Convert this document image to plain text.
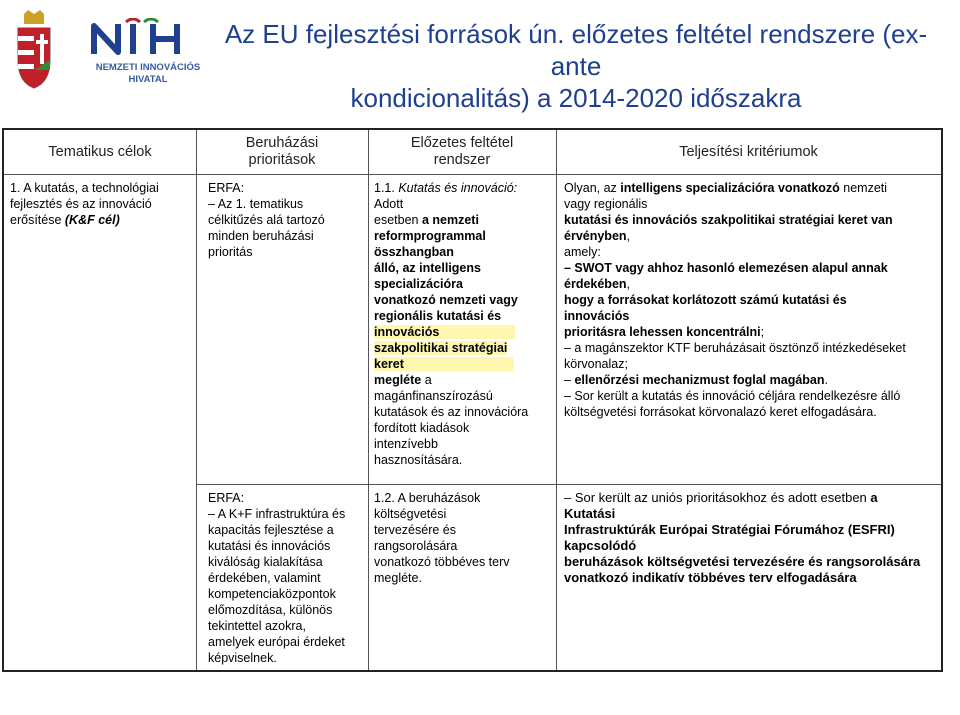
NEMZETI INNOVÁCIÓS
HIVATAL
Az EU fejlesztési források ún. előzetes feltétel rendszere (ex-ante
kondicionalitás) a 2014-2020 időszakra
Tematikus célok
Beruházási
prioritások
Előzetes feltétel
rendszer
Teljesítési kritériumok
1. A kutatás, a technológiai
fejlesztés és az innováció
erősítése (K&F cél)
ERFA:
– Az 1. tematikus
célkitűzés alá tartozó
minden beruházási
prioritás
1.1. Kutatás és innováció:
Adott
esetben a nemzeti
reformprogrammal
összhangban
álló, az intelligens
specializációra
vonatkozó nemzeti vagy
regionális kutatási és
innovációs
szakpolitikai stratégiai
keret
megléte a
magánfinanszírozású
kutatások és az innovációra
fordított kiadások
intenzívebb
hasznosítására.
Olyan, az intelligens specializációra vonatkozó nemzeti
vagy regionális
kutatási és innovációs szakpolitikai stratégiai keret van
érvényben,
amely:
– SWOT vagy ahhoz hasonló elemezésen alapul annak
érdekében,
hogy a forrásokat korlátozott számú kutatási és
innovációs
prioritásra lehessen koncentrálni;
– a magánszektor KTF beruházásait ösztönző intézkedéseket
körvonalaz;
– ellenőrzési mechanizmust foglal magában.
– Sor került a kutatás és innováció céljára rendelkezésre álló
költségvetési forrásokat körvonalazó keret elfogadására.
ERFA:
– A K+F infrastruktúra és
kapacitás fejlesztése a
kutatási és innovációs
kiválóság kialakítása
érdekében, valamint
kompetenciaközpontok
előmozdítása, különös
tekintettel azokra,
amelyek európai érdeket
képviselnek.
1.2. A beruházások
költségvetési
tervezésére és
rangsorolására
vonatkozó többéves terv
megléte.
– Sor került az uniós prioritásokhoz és adott esetben a
Kutatási
Infrastruktúrák Európai Stratégiai Fórumához (ESFRI)
kapcsolódó
beruházások költségvetési tervezésére és rangsorolására
vonatkozó indikatív többéves terv elfogadására
